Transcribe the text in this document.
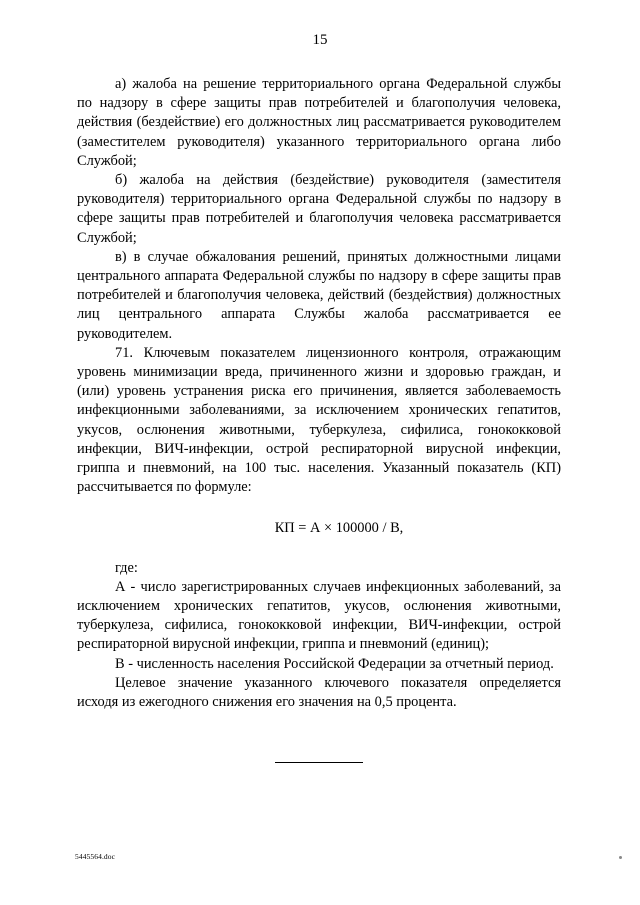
15

а) жалоба на решение территориального органа Федеральной службы по надзору в сфере защиты прав потребителей и благополучия человека, действия (бездействие) его должностных лиц рассматривается руководителем (заместителем руководителя) указанного территориального органа либо Службой;

б) жалоба на действия (бездействие) руководителя (заместителя руководителя) территориального органа Федеральной службы по надзору в сфере защиты прав потребителей и благополучия человека рассматривается Службой;

в) в случае обжалования решений, принятых должностными лицами центрального аппарата Федеральной службы по надзору в сфере защиты прав потребителей и благополучия человека, действий (бездействия) должностных лиц центрального аппарата Службы жалоба рассматривается ее руководителем.

71. Ключевым показателем лицензионного контроля, отражающим уровень минимизации вреда, причиненного жизни и здоровью граждан, и (или) уровень устранения риска его причинения, является заболеваемость инфекционными заболеваниями, за исключением хронических гепатитов, укусов, ослюнения животными, туберкулеза, сифилиса, гонококковой инфекции, ВИЧ-инфекции, острой респираторной вирусной инфекции, гриппа и пневмоний, на 100 тыс. населения. Указанный показатель (КП) рассчитывается по формуле:

КП = А × 100000 / В,

где:

А - число зарегистрированных случаев инфекционных заболеваний, за исключением хронических гепатитов, укусов, ослюнения животными, туберкулеза, сифилиса, гонококковой инфекции, ВИЧ-инфекции, острой респираторной вирусной инфекции, гриппа и пневмоний (единиц);

В - численность населения Российской Федерации за отчетный период.

Целевое значение указанного ключевого показателя определяется исходя из ежегодного снижения его значения на 0,5 процента.

5445564.doc
